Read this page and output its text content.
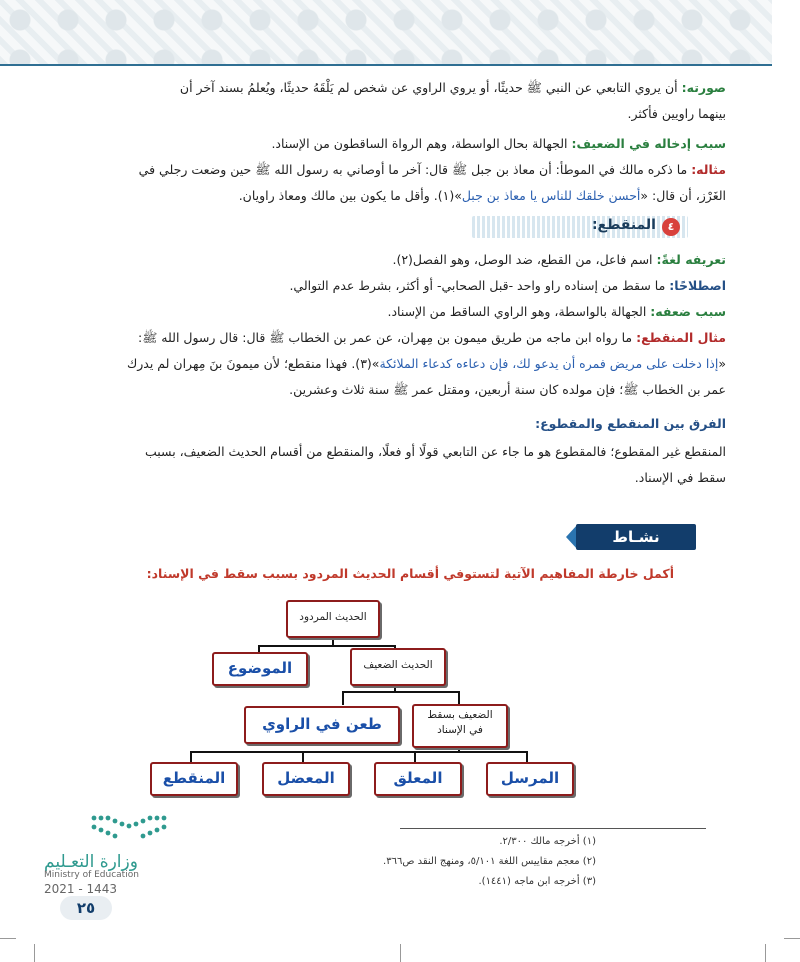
صورته: أن يروي التابعي عن النبي ﷺ حديثًا، أو يروي الراوي عن شخص لم يَلْقَهُ حديثًا، ويُعلمُ بسند آخر أن
بينهما راويين فأكثر.
سبب إدخاله في الضعيف: الجهالة بحال الواسطة، وهم الرواة الساقطون من الإسناد.
مثاله: ما ذكره مالك في الموطأ: أن معاذ بن جبل ﷺ قال: آخر ما أوصاني به رسول الله ﷺ حين وضعت رجلي في
الغَرْز، أن قال: «أحسن خلقك للناس يا معاذ بن جبل»(١). وأقل ما يكون بين مالك ومعاذ راويان.
٤
المنقطع:
تعريفه لغةً: اسم فاعل، من القطع، ضد الوصل، وهو الفصل(٢).
اصطلاحًا: ما سقط من إسناده راو واحد -قبل الصحابي- أو أكثر، بشرط عدم التوالي.
سبب ضعفه: الجهالة بالواسطة، وهو الراوي الساقط من الإسناد.
مثال المنقطع: ما رواه ابن ماجه من طريق ميمون بن مِهران، عن عمر بن الخطاب ﷺ قال: قال رسول الله ﷺ:
«إذا دخلت على مريض فمره أن يدعو لك، فإن دعاءه كدعاء الملائكة»(٣). فهذا منقطع؛ لأن ميمونَ بنَ مِهران لم يدرك
عمر بن الخطاب ﷺ؛ فإن مولده كان سنة أربعين، ومقتل عمر ﷺ سنة ثلاث وعشرين.
الفرق بين المنقطع والمقطوع:
المنقطع غير المقطوع؛ فالمقطوع هو ما جاء عن التابعي قولًا أو فعلًا، والمنقطع من أقسام الحديث الضعيف، بسبب
سقط في الإسناد.
نشـاط
أكمل خارطة المفاهيم الآتية لتستوفي أقسام الحديث المردود بسبب سقط في الإسناد:
الحديث المردود
الموضوع	الحديث الضعيف
طعن في الراوي	الضعيف بسقط
في الإسناد
المرسل
المعلق
المعضل
المنقطع
(١) أخرجه مالك ٢/٣٠٠.
(٢) معجم مقاييس اللغة ٥/١٠١، ومنهج النقد ص٣٦٦.
(٣) أخرجه ابن ماجه (١٤٤١).
وزارة التعـليم
Ministry of Education
2021 - 1443
٢٥
